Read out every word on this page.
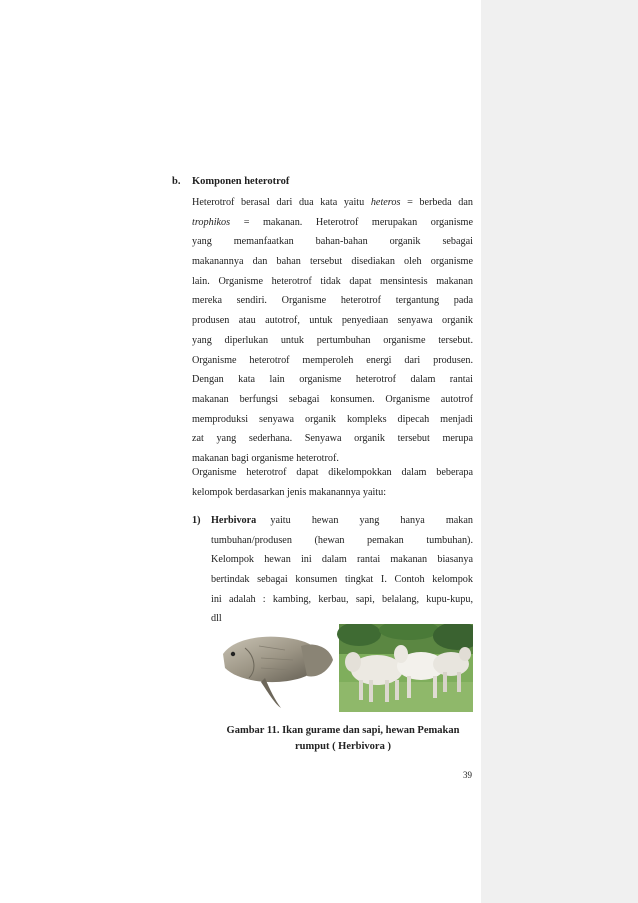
b. Komponen heterotrof
Heterotrof berasal dari dua kata yaitu heteros = berbeda dan
trophikos = makanan. Heterotrof merupakan organisme
yang memanfaatkan bahan-bahan organik sebagai
makanannya dan bahan tersebut disediakan oleh organisme
lain. Organisme heterotrof tidak dapat mensintesis makanan
mereka sendiri. Organisme heterotrof tergantung pada
produsen atau autotrof, untuk penyediaan senyawa organik
yang diperlukan untuk pertumbuhan organisme tersebut.
Organisme heterotrof memperoleh energi dari produsen.
Dengan kata lain organisme heterotrof dalam rantai
makanan berfungsi sebagai konsumen. Organisme autotrof
memproduksi senyawa organik kompleks dipecah menjadi
zat yang sederhana. Senyawa organik tersebut merupa
makanan bagi organisme heterotrof.
Organisme heterotrof dapat dikelompokkan dalam beberapa
kelompok berdasarkan jenis makanannya yaitu:
1) Herbivora  yaitu   hewan   yang   hanya   makan
tumbuhan/produsen (hewan pemakan tumbuhan).
Kelompok hewan ini dalam rantai makanan biasanya
bertindak sebagai konsumen tingkat I. Contoh kelompok
ini adalah : kambing, kerbau, sapi, belalang, kupu-kupu,
dll
Gambar 11. Ikan gurame dan sapi, hewan Pemakan
rumput ( Herbivora )
39
